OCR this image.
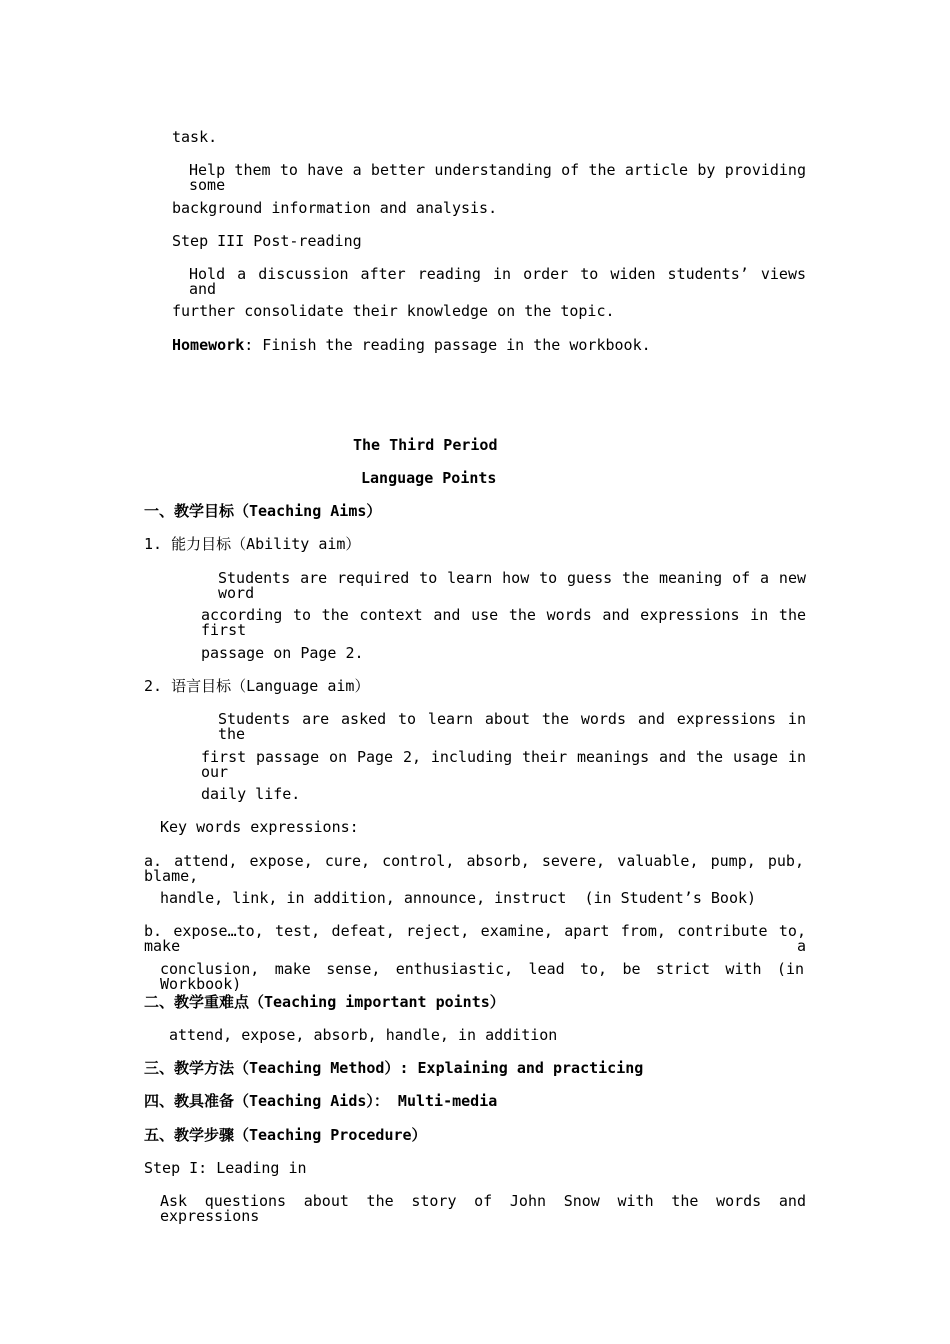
task.
Help them to have a better understanding of the article by providing some
background information and analysis.
Step III Post-reading
Hold a discussion after reading in order to widen students’ views and
further consolidate their knowledge on the topic.
Homework: Finish the reading passage in the workbook.
The Third Period
Language Points
一、教学目标（Teaching Aims）
1. 能力目标（Ability aim）
Students are required to learn how to guess the meaning of a new word
according to the context and use the words and expressions in the first
passage on Page 2.
2. 语言目标（Language aim）
Students are asked to learn about the words and expressions in the
first passage on Page 2, including their meanings and the usage in our
daily life.
Key words expressions:
a. attend, expose, cure, control, absorb, severe, valuable, pump, pub, blame,
handle, link, in addition, announce, instruct  (in Student’s Book)
b. expose…to, test, defeat, reject, examine, apart from, contribute to, make a
conclusion, make sense, enthusiastic, lead to, be strict with (in Workbook)
二、教学重难点（Teaching important points）
attend, expose, absorb, handle, in addition
三、教学方法（Teaching Method）: Explaining and practicing
四、教具准备（Teaching Aids）： Multi-media
五、教学步骤（Teaching Procedure）
Step I: Leading in
Ask questions about the story of John Snow with the words and expressions
